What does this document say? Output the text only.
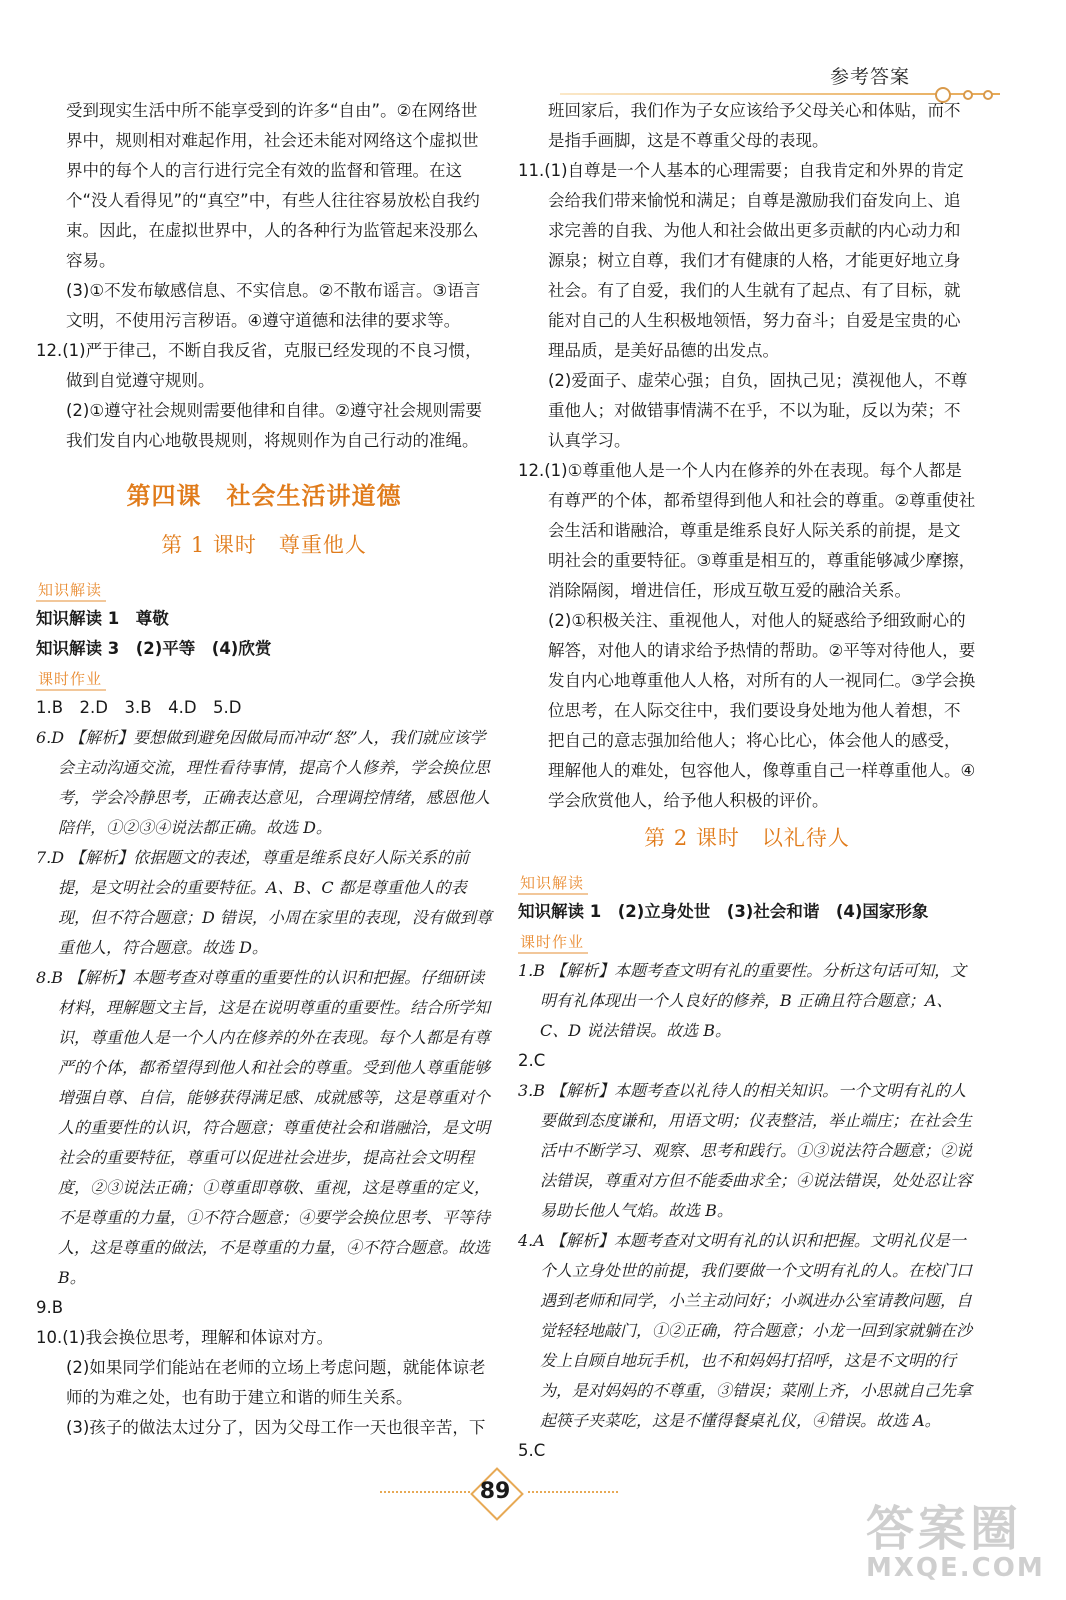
参考答案

受到现实生活中所不能享受到的许多“自由”。②在网络世界中，规则相对难起作用，社会还未能对网络这个虚拟世界中的每个人的言行进行完全有效的监督和管理。在这个“没人看得见”的“真空”中，有些人往往容易放松自我约束。因此，在虚拟世界中，人的各种行为监管起来没那么容易。

(3)①不发布敏感信息、不实信息。②不散布谣言。③语言文明，不使用污言秽语。④遵守道德和法律的要求等。

12.(1)严于律己，不断自我反省，克服已经发现的不良习惯，做到自觉遵守规则。

(2)①遵守社会规则需要他律和自律。②遵守社会规则需要我们发自内心地敬畏规则，将规则作为自己行动的准绳。

第四课　社会生活讲道德
第 1 课时　尊重他人
知识解读

知识解读 1　尊敬

知识解读 3　(2)平等　(4)欣赏

课时作业

1.B　2.D　3.B　4.D　5.D

6.D 【解析】要想做到避免因做局而冲动“怒”人，我们就应该学会主动沟通交流，理性看待事情，提高个人修养，学会换位思考，学会冷静思考，正确表达意见，合理调控情绪，感恩他人陪伴，①②③④说法都正确。故选 D。

7.D 【解析】依据题文的表述，尊重是维系良好人际关系的前提，是文明社会的重要特征。A、B、C 都是尊重他人的表现，但不符合题意；D 错误，小周在家里的表现，没有做到尊重他人，符合题意。故选 D。

8.B 【解析】本题考查对尊重的重要性的认识和把握。仔细研读材料，理解题文主旨，这是在说明尊重的重要性。结合所学知识，尊重他人是一个人内在修养的外在表现。每个人都是有尊严的个体，都希望得到他人和社会的尊重。受到他人尊重能够增强自尊、自信，能够获得满足感、成就感等，这是尊重对个人的重要性的认识，符合题意；尊重使社会和谐融洽，是文明社会的重要特征，尊重可以促进社会进步，提高社会文明程度，②③说法正确；①尊重即尊敬、重视，这是尊重的定义，不是尊重的力量，①不符合题意；④要学会换位思考、平等待人，这是尊重的做法，不是尊重的力量，④不符合题意。故选 B。

9.B

10.(1)我会换位思考，理解和体谅对方。

(2)如果同学们能站在老师的立场上考虑问题，就能体谅老师的为难之处，也有助于建立和谐的师生关系。

(3)孩子的做法太过分了，因为父母工作一天也很辛苦，下

班回家后，我们作为子女应该给予父母关心和体贴，而不是指手画脚，这是不尊重父母的表现。

11.(1)自尊是一个人基本的心理需要；自我肯定和外界的肯定会给我们带来愉悦和满足；自尊是激励我们奋发向上、追求完善的自我、为他人和社会做出更多贡献的内心动力和源泉；树立自尊，我们才有健康的人格，才能更好地立身社会。有了自爱，我们的人生就有了起点、有了目标，就能对自己的人生积极地领悟，努力奋斗；自爱是宝贵的心理品质，是美好品德的出发点。

(2)爱面子、虚荣心强；自负，固执己见；漠视他人，不尊重他人；对做错事情满不在乎，不以为耻，反以为荣；不认真学习。

12.(1)①尊重他人是一个人内在修养的外在表现。每个人都是有尊严的个体，都希望得到他人和社会的尊重。②尊重使社会生活和谐融洽，尊重是维系良好人际关系的前提，是文明社会的重要特征。③尊重是相互的，尊重能够减少摩擦，消除隔阂，增进信任，形成互敬互爱的融洽关系。

(2)①积极关注、重视他人，对他人的疑惑给予细致耐心的解答，对他人的请求给予热情的帮助。②平等对待他人，要发自内心地尊重他人人格，对所有的人一视同仁。③学会换位思考，在人际交往中，我们要设身处地为他人着想，不把自己的意志强加给他人；将心比心，体会他人的感受，理解他人的难处，包容他人，像尊重自己一样尊重他人。④学会欣赏他人，给予他人积极的评价。

第 2 课时　以礼待人
知识解读

知识解读 1　(2)立身处世　(3)社会和谐　(4)国家形象

课时作业

1.B 【解析】本题考查文明有礼的重要性。分析这句话可知，文明有礼体现出一个人良好的修养，B 正确且符合题意；A、C、D 说法错误。故选 B。

2.C

3.B 【解析】本题考查以礼待人的相关知识。一个文明有礼的人要做到态度谦和，用语文明；仪表整洁，举止端庄；在社会生活中不断学习、观察、思考和践行。①③说法符合题意；②说法错误，尊重对方但不能委曲求全；④说法错误，处处忍让容易助长他人气焰。故选 B。

4.A 【解析】本题考查对文明有礼的认识和把握。文明礼仪是一个人立身处世的前提，我们要做一个文明有礼的人。在校门口遇到老师和同学，小兰主动问好；小飒进办公室请教问题，自觉轻轻地敲门，①②正确，符合题意；小龙一回到家就躺在沙发上自顾自地玩手机，也不和妈妈打招呼，这是不文明的行为，是对妈妈的不尊重，③错误；菜刚上齐，小思就自己先拿起筷子夹菜吃，这是不懂得餐桌礼仪，④错误。故选 A。

5.C

89
答案圈
MXQE.COM
